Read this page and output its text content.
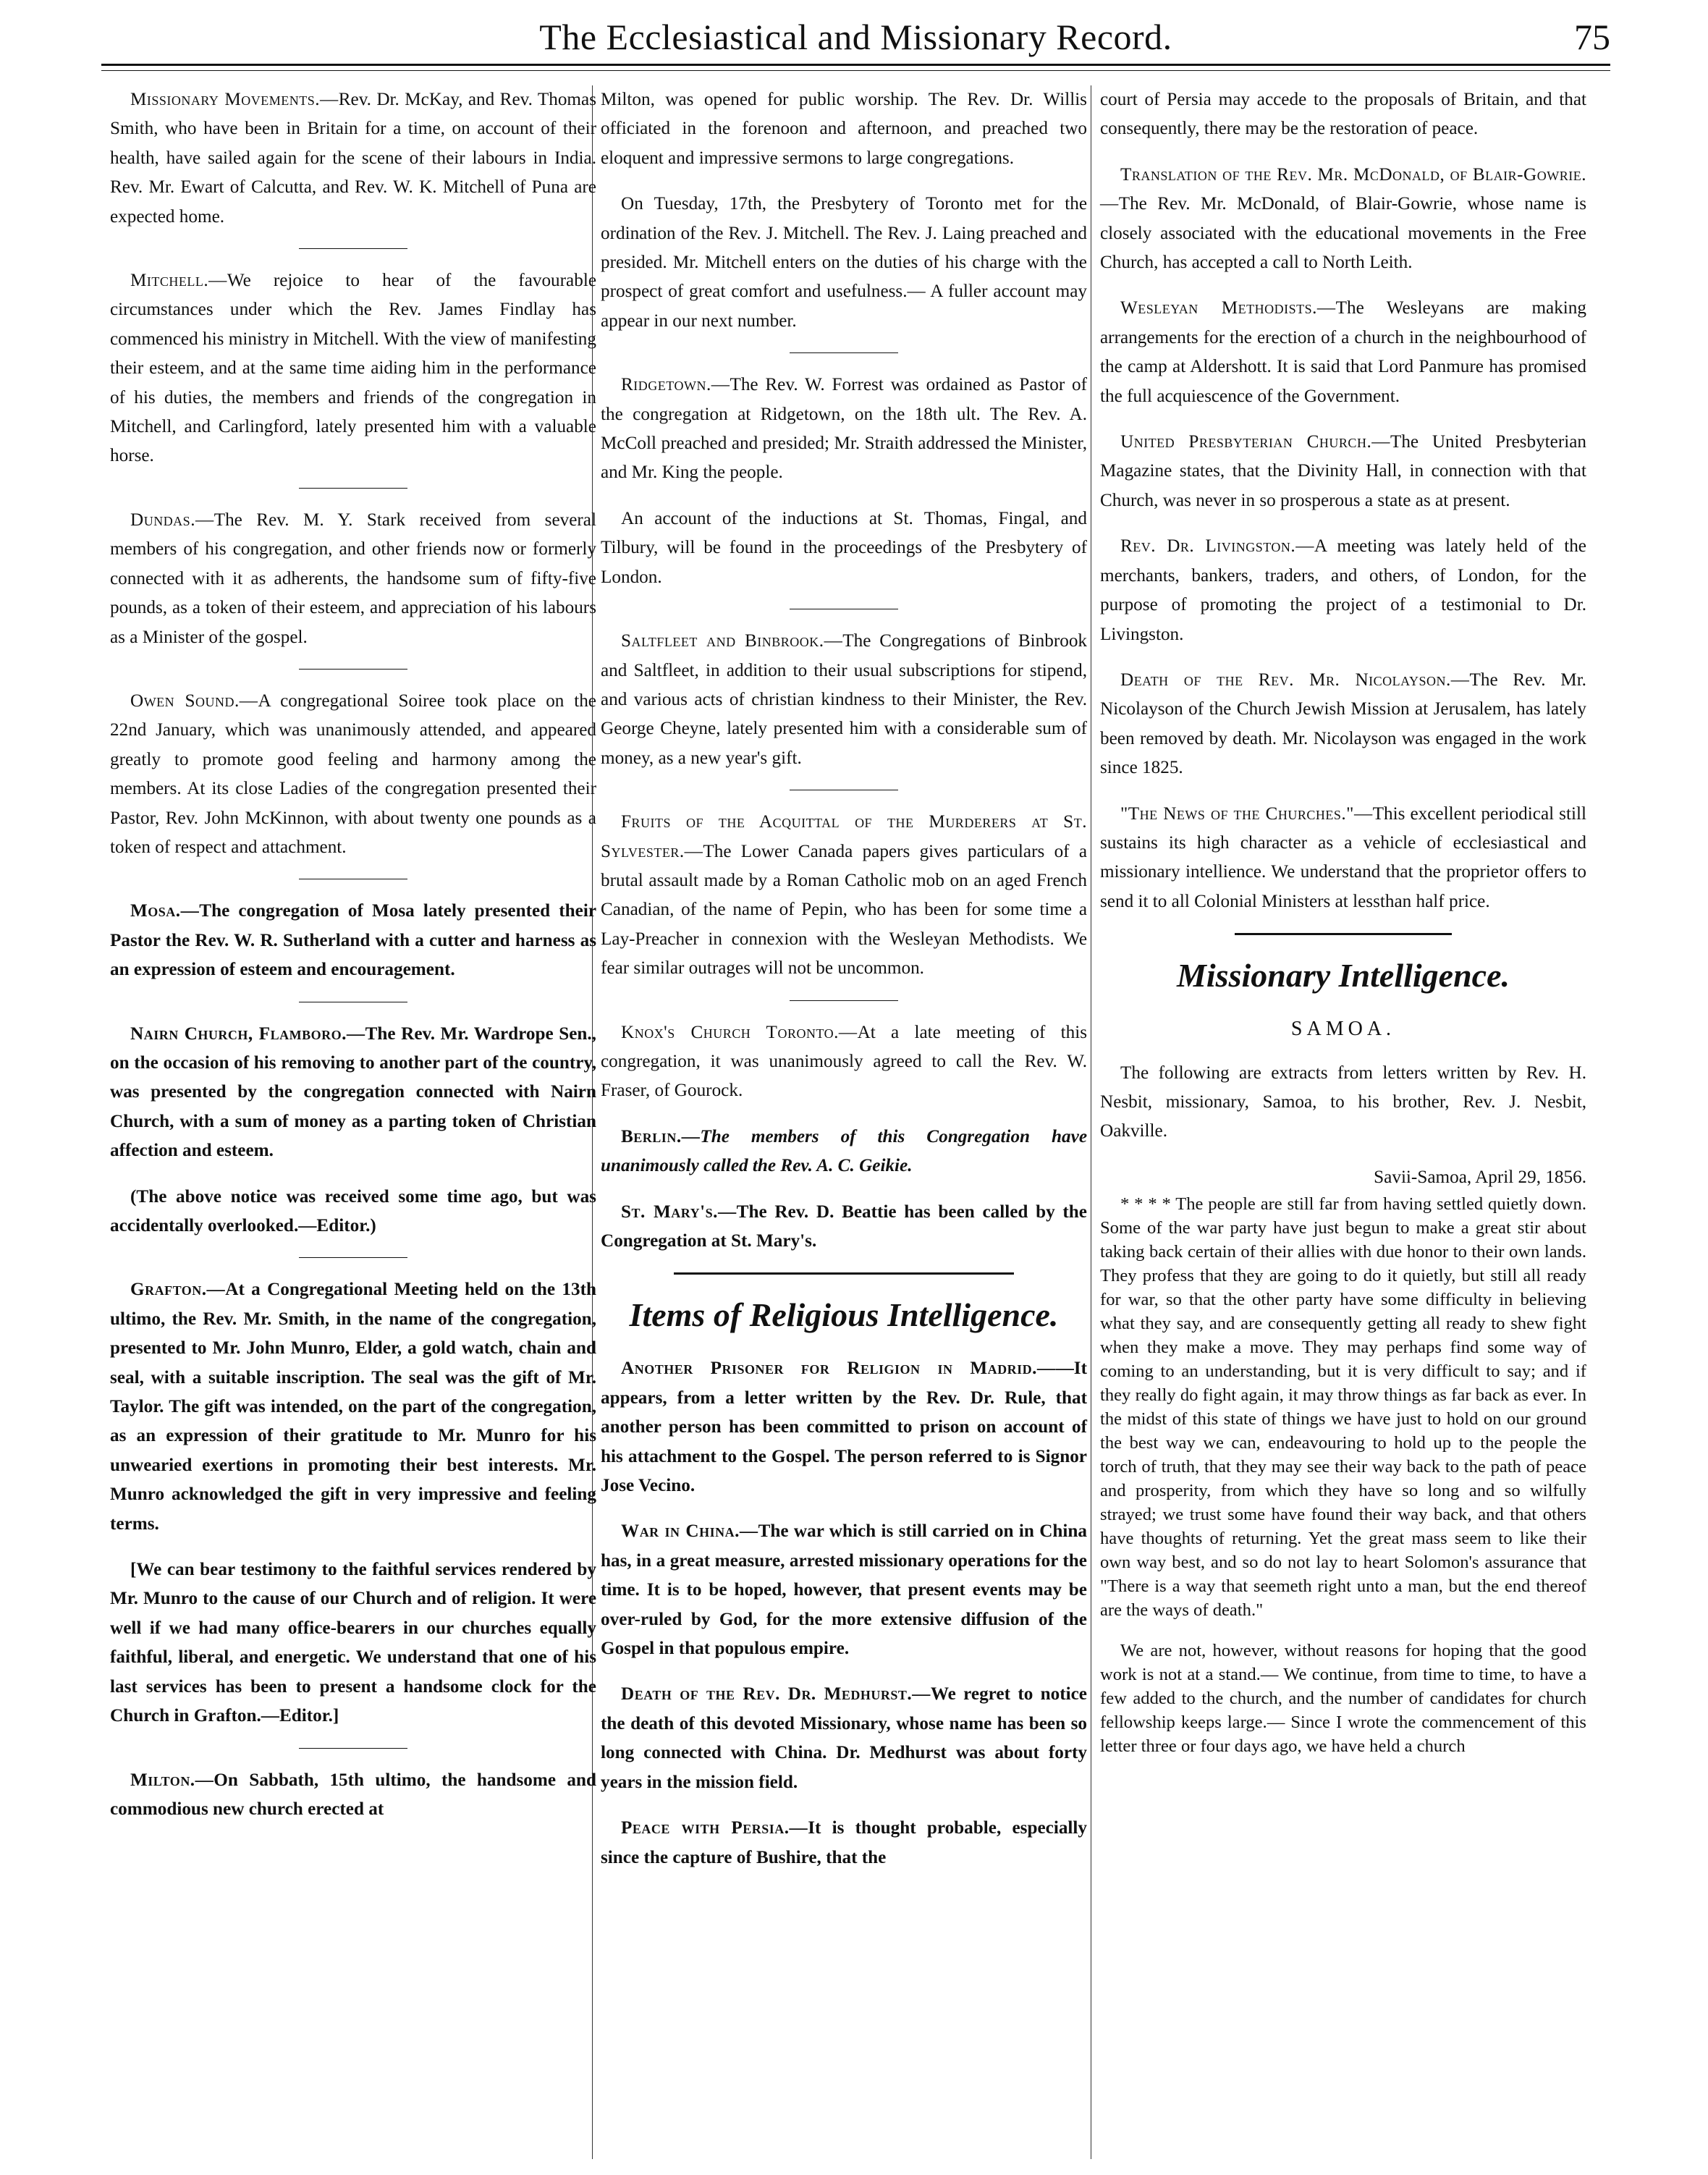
The Ecclesiastical and Missionary Record.	75

Missionary Movements.—Rev. Dr. McKay, and Rev. Thomas Smith, who have been in Britain for a time, on account of their health, have sailed again for the scene of their labours in India. Rev. Mr. Ewart of Calcutta, and Rev. W. K. Mitchell of Puna are expected home.

Mitchell.—We rejoice to hear of the favourable circumstances under which the Rev. James Findlay has commenced his ministry in Mitchell. With the view of manifesting their esteem, and at the same time aiding him in the performance of his duties, the members and friends of the congregation in Mitchell, and Carlingford, lately presented him with a valuable horse.

Dundas.—The Rev. M. Y. Stark received from several members of his congregation, and other friends now or formerly connected with it as adherents, the handsome sum of fifty-five pounds, as a token of their esteem, and appreciation of his labours as a Minister of the gospel.

Owen Sound.—A congregational Soiree took place on the 22nd January, which was unanimously attended, and appeared greatly to promote good feeling and harmony among the members. At its close Ladies of the congregation presented their Pastor, Rev. John McKinnon, with about twenty one pounds as a token of respect and attachment.

Mosa.—The congregation of Mosa lately presented their Pastor the Rev. W. R. Sutherland with a cutter and harness as an expression of esteem and encouragement.

Nairn Church, Flamboro.—The Rev. Mr. Wardrope Sen., on the occasion of his removing to another part of the country, was presented by the congregation connected with Nairn Church, with a sum of money as a parting token of Christian affection and esteem.

(The above notice was received some time ago, but was accidentally overlooked.—Editor.)

Grafton.—At a Congregational Meeting held on the 13th ultimo, the Rev. Mr. Smith, in the name of the congregation, presented to Mr. John Munro, Elder, a gold watch, chain and seal, with a suitable inscription. The seal was the gift of Mr. Taylor. The gift was intended, on the part of the congregation, as an expression of their gratitude to Mr. Munro for his unwearied exertions in promoting their best interests. Mr. Munro acknowledged the gift in very impressive and feeling terms.

[We can bear testimony to the faithful services rendered by Mr. Munro to the cause of our Church and of religion. It were well if we had many office-bearers in our churches equally faithful, liberal, and energetic. We understand that one of his last services has been to present a handsome clock for the Church in Grafton.—Editor.]

Milton.—On Sabbath, 15th ultimo, the handsome and commodious new church erected at

Milton, was opened for public worship. The Rev. Dr. Willis officiated in the forenoon and afternoon, and preached two eloquent and impressive sermons to large congregations.

On Tuesday, 17th, the Presbytery of Toronto met for the ordination of the Rev. J. Mitchell. The Rev. J. Laing preached and presided. Mr. Mitchell enters on the duties of his charge with the prospect of great comfort and usefulness.— A fuller account may appear in our next number.

Ridgetown.—The Rev. W. Forrest was ordained as Pastor of the congregation at Ridgetown, on the 18th ult. The Rev. A. McColl preached and presided; Mr. Straith addressed the Minister, and Mr. King the people.

An account of the inductions at St. Thomas, Fingal, and Tilbury, will be found in the proceedings of the Presbytery of London.

Saltfleet and Binbrook.—The Congregations of Binbrook and Saltfleet, in addition to their usual subscriptions for stipend, and various acts of christian kindness to their Minister, the Rev. George Cheyne, lately presented him with a considerable sum of money, as a new year's gift.

Fruits of the Acquittal of the Murderers at St. Sylvester.—The Lower Canada papers gives particulars of a brutal assault made by a Roman Catholic mob on an aged French Canadian, of the name of Pepin, who has been for some time a Lay-Preacher in connexion with the Wesleyan Methodists. We fear similar outrages will not be uncommon.

Knox's Church Toronto.—At a late meeting of this congregation, it was unanimously agreed to call the Rev. W. Fraser, of Gourock.

Berlin.—The members of this Congregation have unanimously called the Rev. A. C. Geikie.

St. Mary's.—The Rev. D. Beattie has been called by the Congregation at St. Mary's.

Items of Religious Intelligence.

Another Prisoner for Religion in Madrid.——It appears, from a letter written by the Rev. Dr. Rule, that another person has been committed to prison on account of his attachment to the Gospel. The person referred to is Signor Jose Vecino.

War in China.—The war which is still carried on in China has, in a great measure, arrested missionary operations for the time. It is to be hoped, however, that present events may be over-ruled by God, for the more extensive diffusion of the Gospel in that populous empire.

Death of the Rev. Dr. Medhurst.—We regret to notice the death of this devoted Missionary, whose name has been so long connected with China. Dr. Medhurst was about forty years in the mission field.

Peace with Persia.—It is thought probable, especially since the capture of Bushire, that the

court of Persia may accede to the proposals of Britain, and that consequently, there may be the restoration of peace.

Translation of the Rev. Mr. McDonald, of Blair-Gowrie.—The Rev. Mr. McDonald, of Blair-Gowrie, whose name is closely associated with the educational movements in the Free Church, has accepted a call to North Leith.

Wesleyan Methodists.—The Wesleyans are making arrangements for the erection of a church in the neighbourhood of the camp at Aldershott. It is said that Lord Panmure has promised the full acquiescence of the Government.

United Presbyterian Church.—The United Presbyterian Magazine states, that the Divinity Hall, in connection with that Church, was never in so prosperous a state as at present.

Rev. Dr. Livingston.—A meeting was lately held of the merchants, bankers, traders, and others, of London, for the purpose of promoting the project of a testimonial to Dr. Livingston.

Death of the Rev. Mr. Nicolayson.—The Rev. Mr. Nicolayson of the Church Jewish Mission at Jerusalem, has lately been removed by death. Mr. Nicolayson was engaged in the work since 1825.

"The News of the Churches."—This excellent periodical still sustains its high character as a vehicle of ecclesiastical and missionary intellience. We understand that the proprietor offers to send it to all Colonial Ministers at lessthan half price.

Missionary Intelligence.

SAMOA.

The following are extracts from letters written by Rev. H. Nesbit, missionary, Samoa, to his brother, Rev. J. Nesbit, Oakville.

Savii-Samoa, April 29, 1856.

* * * * The people are still far from having settled quietly down. Some of the war party have just begun to make a great stir about taking back certain of their allies with due honor to their own lands. They profess that they are going to do it quietly, but still all ready for war, so that the other party have some difficulty in believing what they say, and are consequently getting all ready to shew fight when they make a move. They may perhaps find some way of coming to an understanding, but it is very difficult to say; and if they really do fight again, it may throw things as far back as ever. In the midst of this state of things we have just to hold on our ground the best way we can, endeavouring to hold up to the people the torch of truth, that they may see their way back to the path of peace and prosperity, from which they have so long and so wilfully strayed; we trust some have found their way back, and that others have thoughts of returning. Yet the great mass seem to like their own way best, and so do not lay to heart Solomon's assurance that "There is a way that seemeth right unto a man, but the end thereof are the ways of death."

We are not, however, without reasons for hoping that the good work is not at a stand.— We continue, from time to time, to have a few added to the church, and the number of candidates for church fellowship keeps large.— Since I wrote the commencement of this letter three or four days ago, we have held a church
